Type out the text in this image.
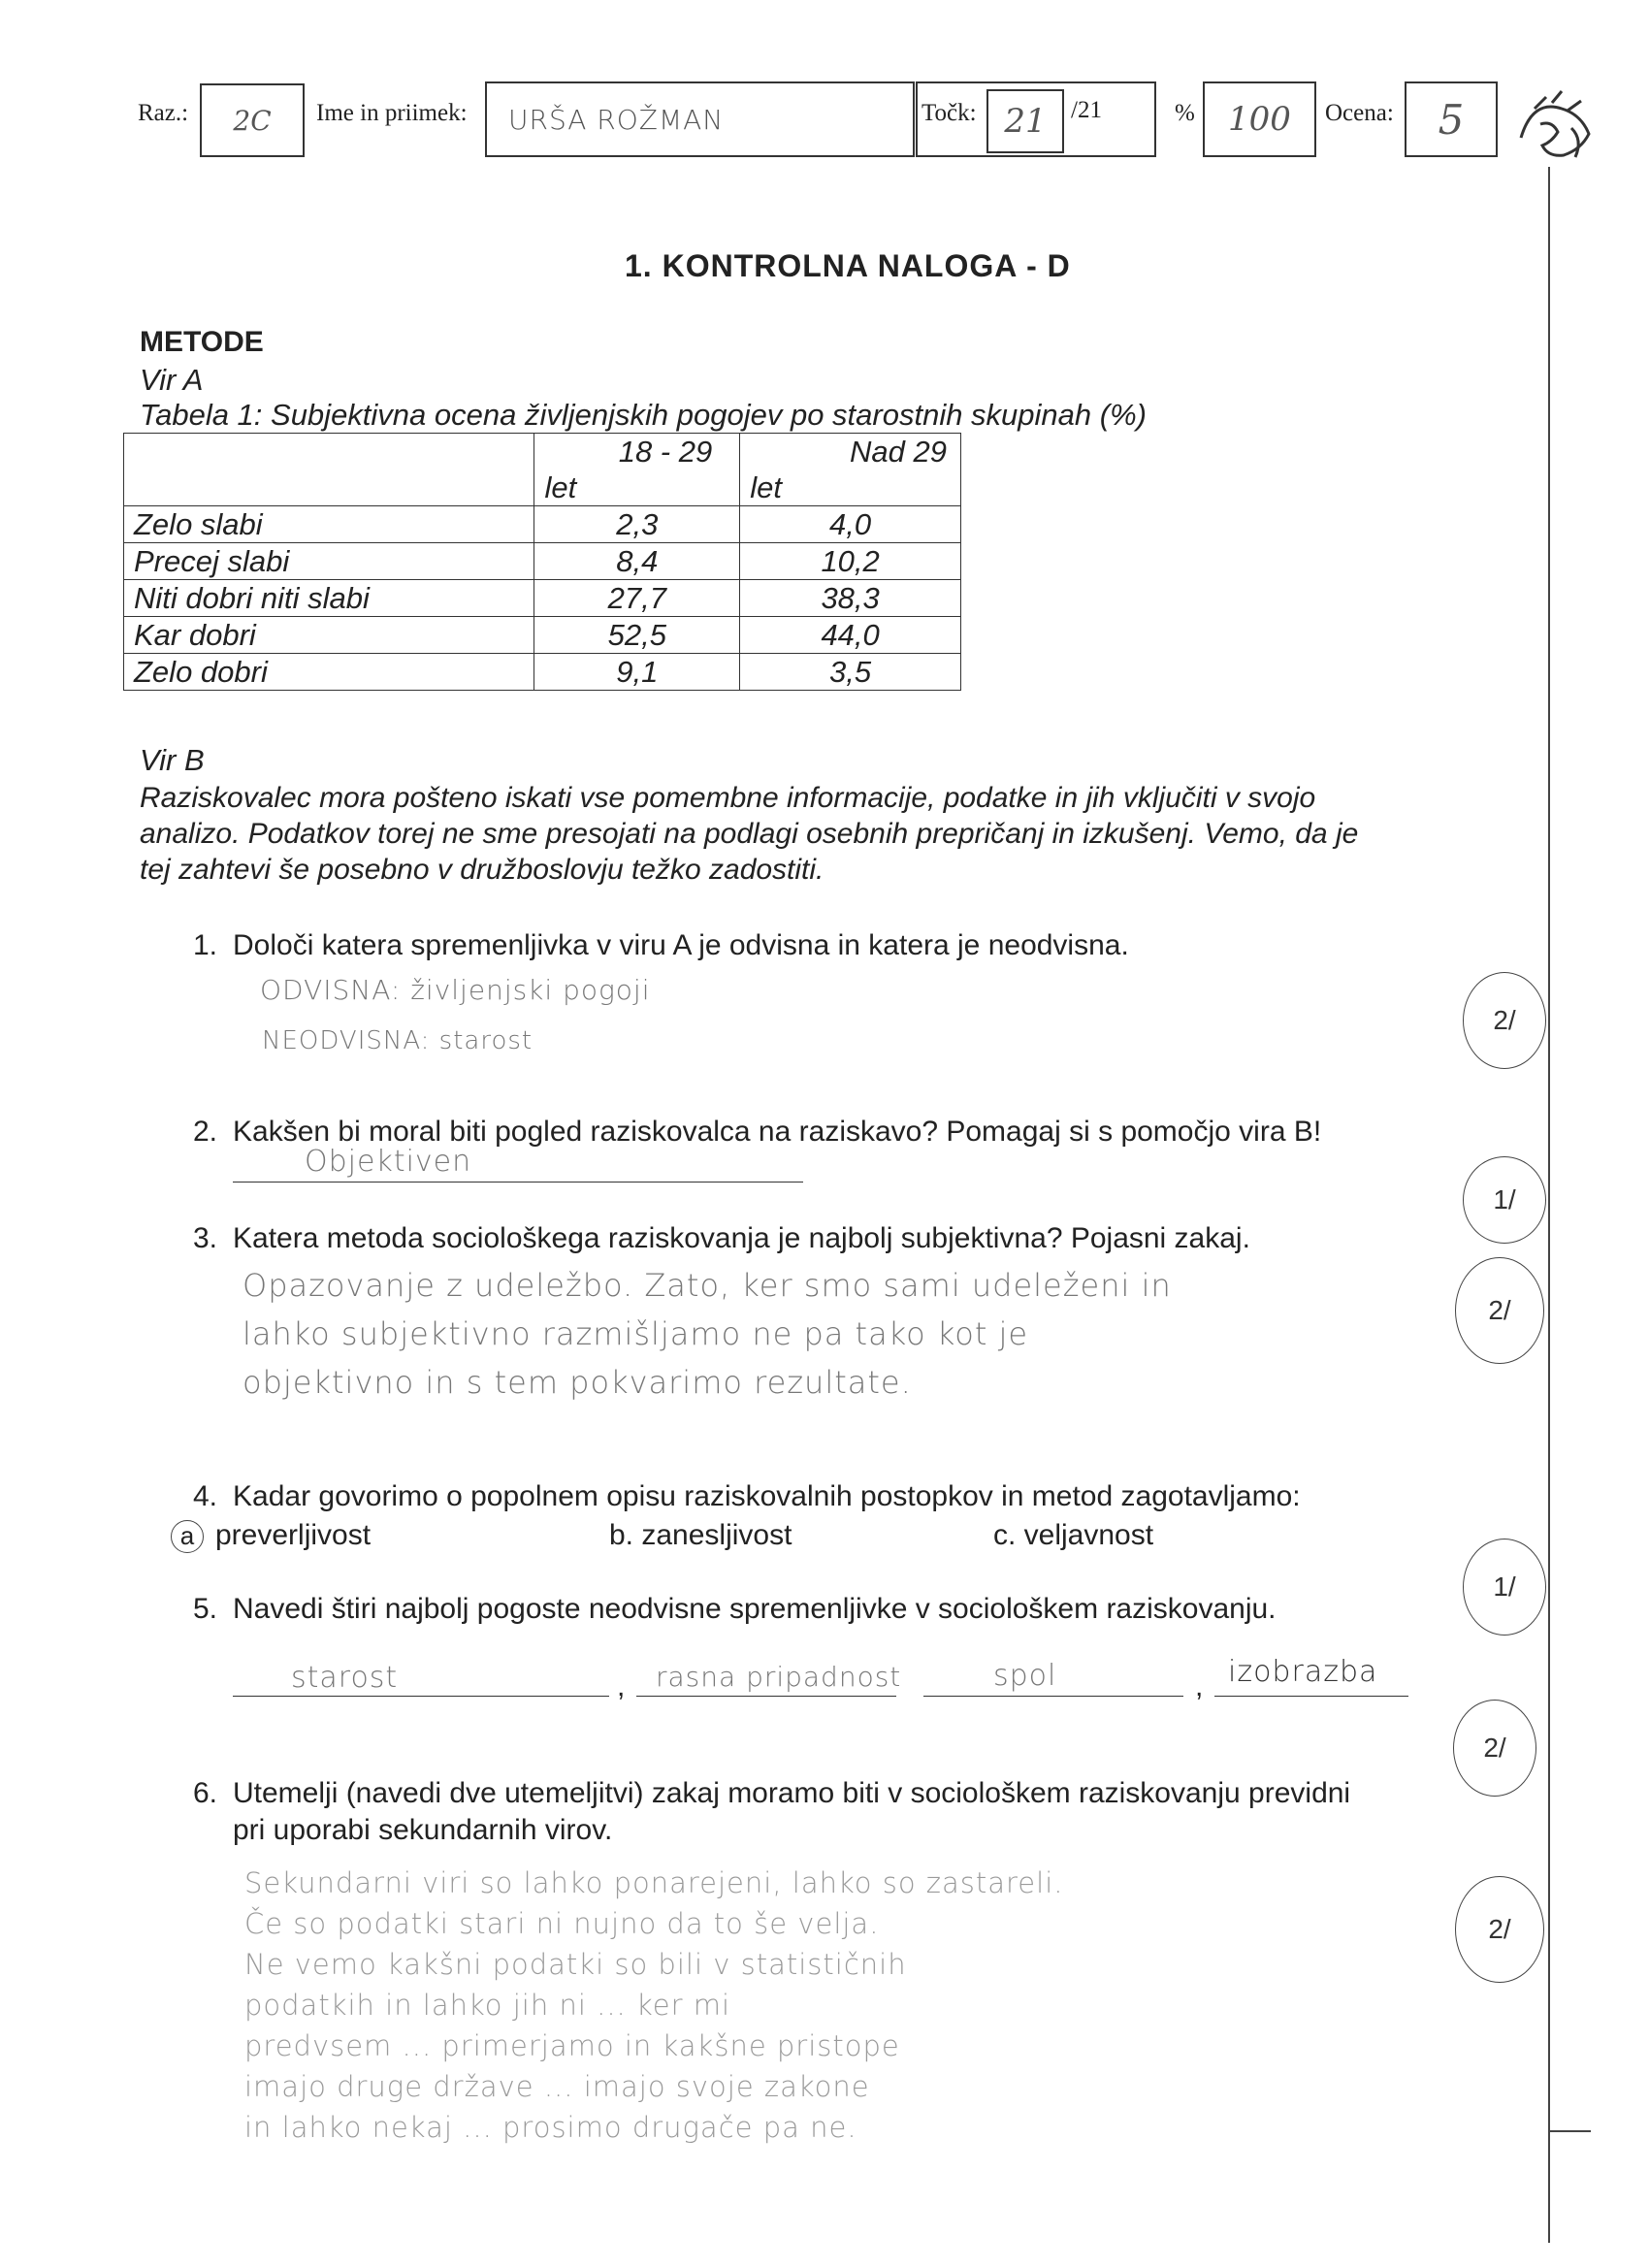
Raz.: 2C Ime in priimek: URŠA ROŽMAN	Točk: 21 /21	% 100 Ocena: 5
1. KONTROLNA NALOGA - D
METODE
Vir A
Tabela 1: Subjektivna ocena življenjskih pogojev po starostnih skupinah (%)
	18 - 29	Nad 29
	let	let
Zelo slabi	2,3	4,0
Precej slabi	8,4	10,2
Niti dobri niti slabi	27,7	38,3
Kar dobri	52,5	44,0
Zelo dobri	9,1	3,5
Vir B
Raziskovalec mora pošteno iskati vse pomembne informacije, podatke in jih vključiti v svojo
analizo. Podatkov torej ne sme presojati na podlagi osebnih prepričanj in izkušenj. Vemo, da je
tej zahtevi še posebno v družboslovju težko zadostiti.
1. Določi katera spremenljivka v viru A je odvisna in katera je neodvisna.
ODVISNA: življenjski pogoji
NEODVISNA: starost
2/
2. Kakšen bi moral biti pogled raziskovalca na raziskavo? Pomagaj si s pomočjo vira B!
Objektiven
1/
3. Katera metoda sociološkega raziskovanja je najbolj subjektivna? Pojasni zakaj.
Opazovanje z udeležbo. Zato, ker smo sami udeleženi in
lahko subjektivno razmišljamo ne pa tako kot je
objektivno in s tem pokvarimo rezultate.
2/
4. Kadar govorimo o popolnem opisu raziskovalnih postopkov in metod zagotavljamo:
a preverljivost	b. zanesljivost	c. veljavnost
1/
5. Navedi štiri najbolj pogoste neodvisne spremenljivke v sociološkem raziskovanju.
starost	, rasna pripadnost	spol	, izobrazba
2/
6. Utemelji (navedi dve utemeljitvi) zakaj moramo biti v sociološkem raziskovanju previdni
pri uporabi sekundarnih virov.
Sekundarni viri so lahko ponarejeni, lahko so zastareli.
Če so podatki stari ni nujno da to še velja.
Ne vemo kakšni podatki so bili v statističnih
podatkih in lahko jih ni ... ker mi
predvsem ... primerjamo in kakšne pristope
imajo druge države ... imajo svoje zakone
in lahko nekaj ... prosimo drugače pa ne.
2/
